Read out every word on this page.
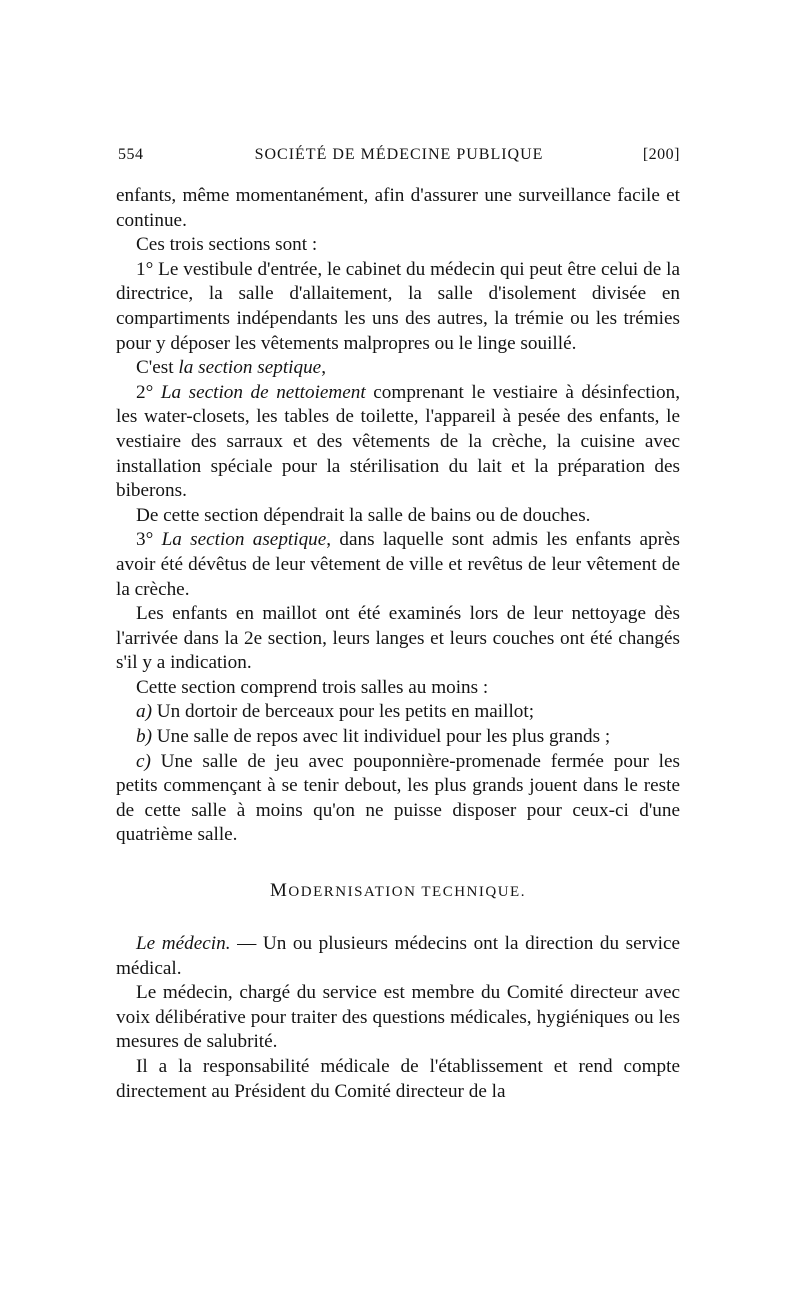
554	SOCIÉTÉ DE MÉDECINE PUBLIQUE	[200]

enfants, même momentanément, afin d'assurer une surveillance facile et continue.

Ces trois sections sont :

1° Le vestibule d'entrée, le cabinet du médecin qui peut être celui de la directrice, la salle d'allaitement, la salle d'isolement divisée en compartiments indépendants les uns des autres, la trémie ou les trémies pour y déposer les vêtements malpropres ou le linge souillé.

C'est la section septique,

2° La section de nettoiement comprenant le vestiaire à désinfection, les water-closets, les tables de toilette, l'appareil à pesée des enfants, le vestiaire des sarraux et des vêtements de la crèche, la cuisine avec installation spéciale pour la stérilisation du lait et la préparation des biberons.

De cette section dépendrait la salle de bains ou de douches.

3° La section aseptique, dans laquelle sont admis les enfants après avoir été dévêtus de leur vêtement de ville et revêtus de leur vêtement de la crèche.

Les enfants en maillot ont été examinés lors de leur nettoyage dès l'arrivée dans la 2e section, leurs langes et leurs couches ont été changés s'il y a indication.

Cette section comprend trois salles au moins :

a) Un dortoir de berceaux pour les petits en maillot;

b) Une salle de repos avec lit individuel pour les plus grands ;

c) Une salle de jeu avec pouponnière-promenade fermée pour les petits commençant à se tenir debout, les plus grands jouent dans le reste de cette salle à moins qu'on ne puisse disposer pour ceux-ci d'une quatrième salle.

MODERNISATION TECHNIQUE.

Le médecin. — Un ou plusieurs médecins ont la direction du service médical.

Le médecin, chargé du service est membre du Comité directeur avec voix délibérative pour traiter des questions médicales, hygiéniques ou les mesures de salubrité.

Il a la responsabilité médicale de l'établissement et rend compte directement au Président du Comité directeur de la
